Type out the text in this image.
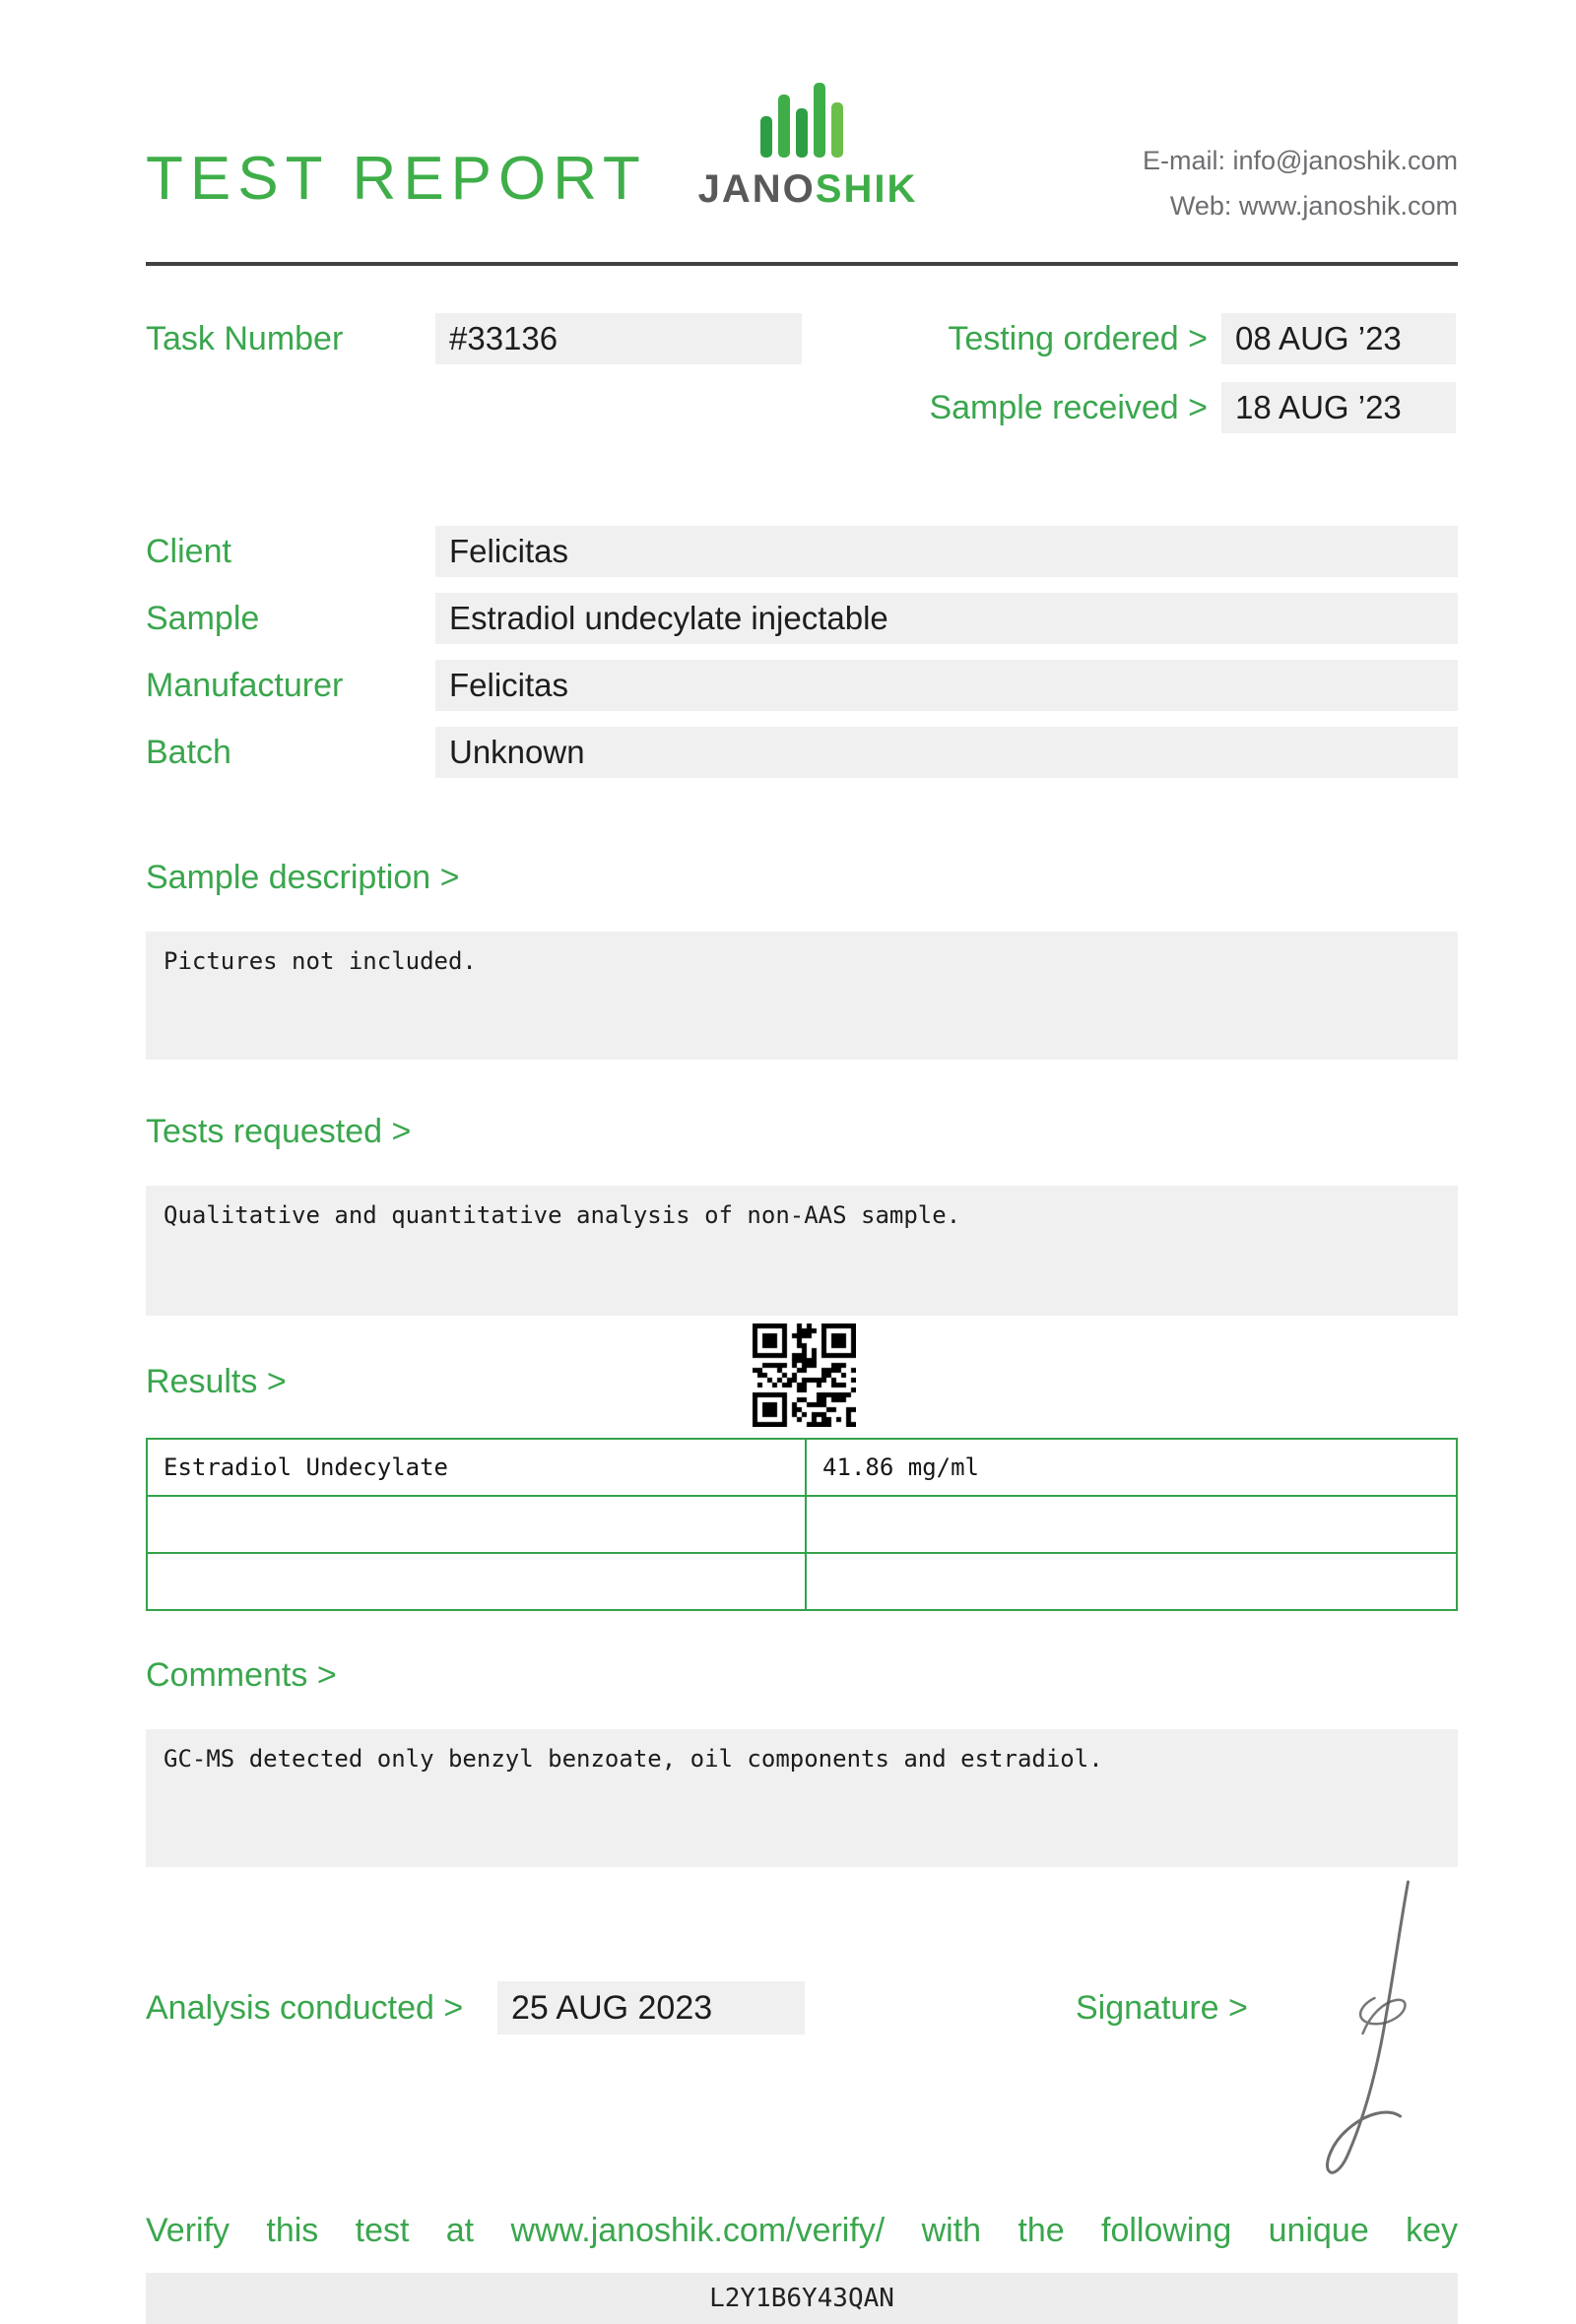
TEST REPORT	JANOSHIK
E-mail: info@janoshik.com
Web: www.janoshik.com
Task Number	#33136	Testing ordered > 08 AUG ’23
Sample received > 18 AUG ’23
Client	Felicitas
Sample	Estradiol undecylate injectable
Manufacturer	Felicitas
Batch	Unknown
Sample description >
Pictures not included.
Tests requested >
Qualitative and quantitative analysis of non-AAS sample.
Results >
Estradiol Undecylate	41.86 mg/ml

Comments >
GC-MS detected only benzyl benzoate, oil components and estradiol.
Analysis conducted >	25 AUG 2023	Signature >
Verify this test at www.janoshik.com/verify/ with the following unique key
L2Y1B6Y43QAN
